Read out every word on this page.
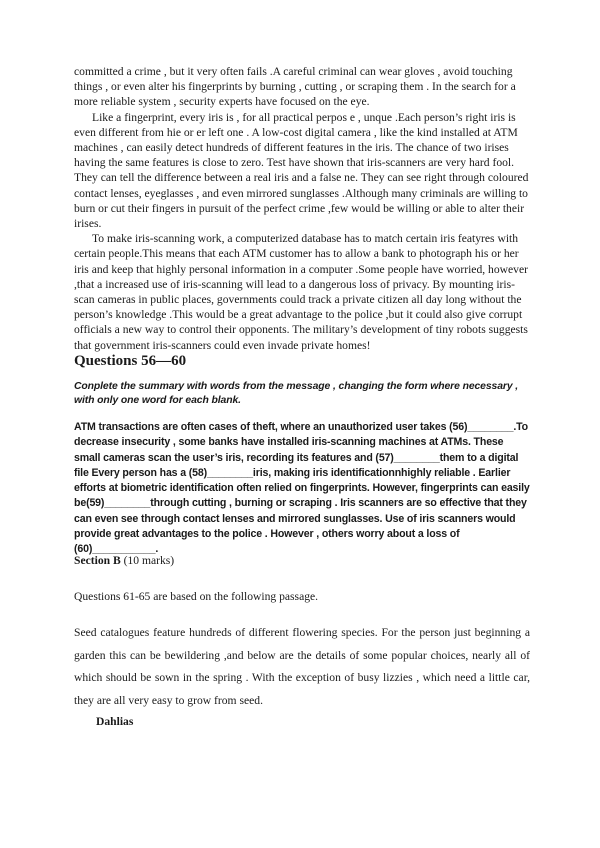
committed a crime , but it very often fails .A careful criminal can wear gloves , avoid touching things , or even alter his fingerprints by burning , cutting , or scraping them . In the search for a more reliable system , security experts have focused on the eye.

Like a fingerprint, every iris is , for all practical perpos e , unque .Each person’s right iris is even different from hie or er left one . A low-cost digital camera , like the kind installed at ATM machines , can easily detect hundreds of different features in the iris. The chance of two irises having the same features is close to zero. Test have shown that iris-scanners are very hard fool. They can tell the difference between a real iris and a false ne. They can see right through coloured contact lenses, eyeglasses , and even mirrored sunglasses .Although many criminals are willing to burn or cut their fingers in pursuit of the perfect crime ,few would be willing or able to alter their irises.

To make iris-scanning work, a computerized database has to match certain iris featyres with certain people.This means that each ATM customer has to allow a bank to photograph his or her iris and keep that highly personal information in a computer .Some people have worried, however ,that a increased use of iris-scanning will lead to a dangerous loss of privacy. By mounting iris-scan cameras in public places, governments could track a private citizen all day long without the person’s knowledge .This would be a great advantage to the police ,but it could also give corrupt officials a new way to control their opponents. The military’s development of tiny robots suggests that government iris-scanners could even invade private homes!

Questions 56—60
Conplete the summary with words from the message , changing the form where necessary , with only one word for each blank.
ATM transactions are often cases of theft, where an unauthorized user takes (56)________.To decrease insecurity , some banks have installed iris-scanning machines at ATMs. These small cameras scan the user’s iris, recording its features and (57)________them to a digital file Every person has a (58)________iris, making iris identificationnhighly reliable . Earlier efforts at biometric identification often relied on fingerprints. However, fingerprints can easily be(59)________through cutting , burning or scraping . Iris scanners are so effective that they can even see through contact lenses and mirrored sunglasses. Use of iris scanners would provide great advantages to the police . However , others worry about a loss of (60)___________.
Section B (10 marks)
Questions 61-65 are based on the following passage.
Seed catalogues feature hundreds of different flowering species. For the person just beginning a garden this can be bewildering ,and below are the details of some popular choices, nearly all of which should be sown in the spring . With the exception of busy lizzies , which need a little car, they are all very easy to grow from seed.
Dahlias
